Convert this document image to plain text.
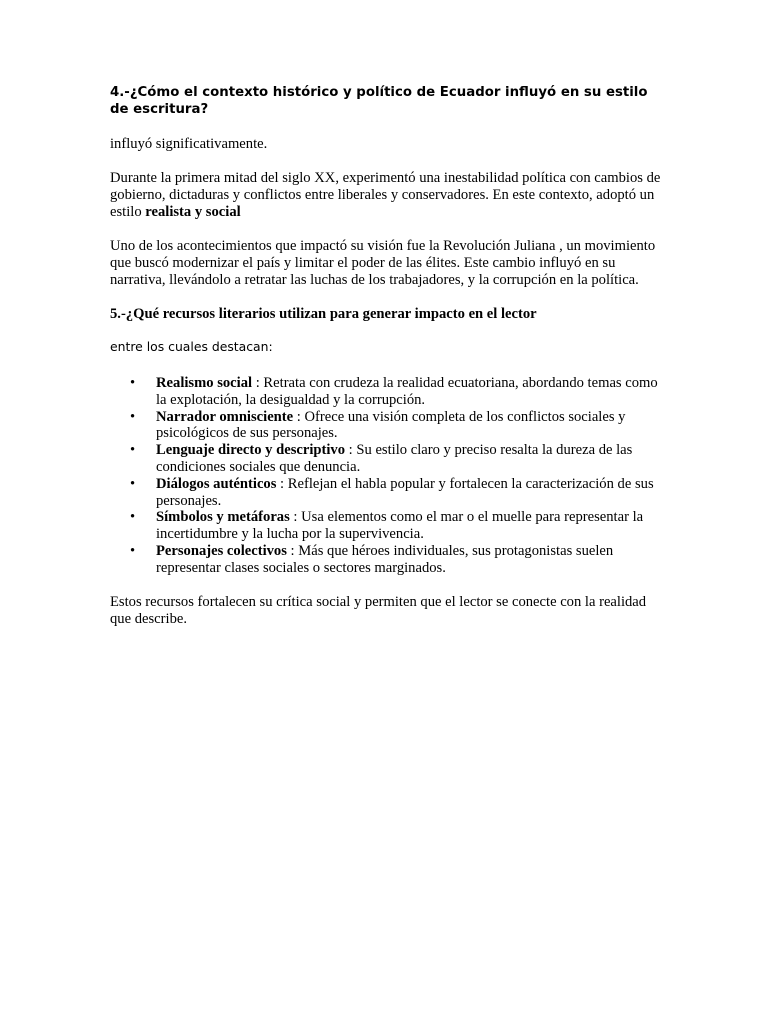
4.-¿Cómo el contexto histórico y político de Ecuador influyó en su estilo de escritura?

influyó significativamente.

Durante la primera mitad del siglo XX, experimentó una inestabilidad política con cambios de gobierno, dictaduras y conflictos entre liberales y conservadores. En este contexto, adoptó un estilo realista y social

Uno de los acontecimientos que impactó su visión fue la Revolución Juliana , un movimiento que buscó modernizar el país y limitar el poder de las élites. Este cambio influyó en su narrativa, llevándolo a retratar las luchas de los trabajadores, y la corrupción en la política.

5.-¿Qué recursos literarios utilizan para generar impacto en el lector

entre los cuales destacan:

• Realismo social : Retrata con crudeza la realidad ecuatoriana, abordando temas como la explotación, la desigualdad y la corrupción.
• Narrador omnisciente : Ofrece una visión completa de los conflictos sociales y psicológicos de sus personajes.
• Lenguaje directo y descriptivo : Su estilo claro y preciso resalta la dureza de las condiciones sociales que denuncia.
• Diálogos auténticos : Reflejan el habla popular y fortalecen la caracterización de sus personajes.
• Símbolos y metáforas : Usa elementos como el mar o el muelle para representar la incertidumbre y la lucha por la supervivencia.
• Personajes colectivos : Más que héroes individuales, sus protagonistas suelen representar clases sociales o sectores marginados.

Estos recursos fortalecen su crítica social y permiten que el lector se conecte con la realidad que describe.
